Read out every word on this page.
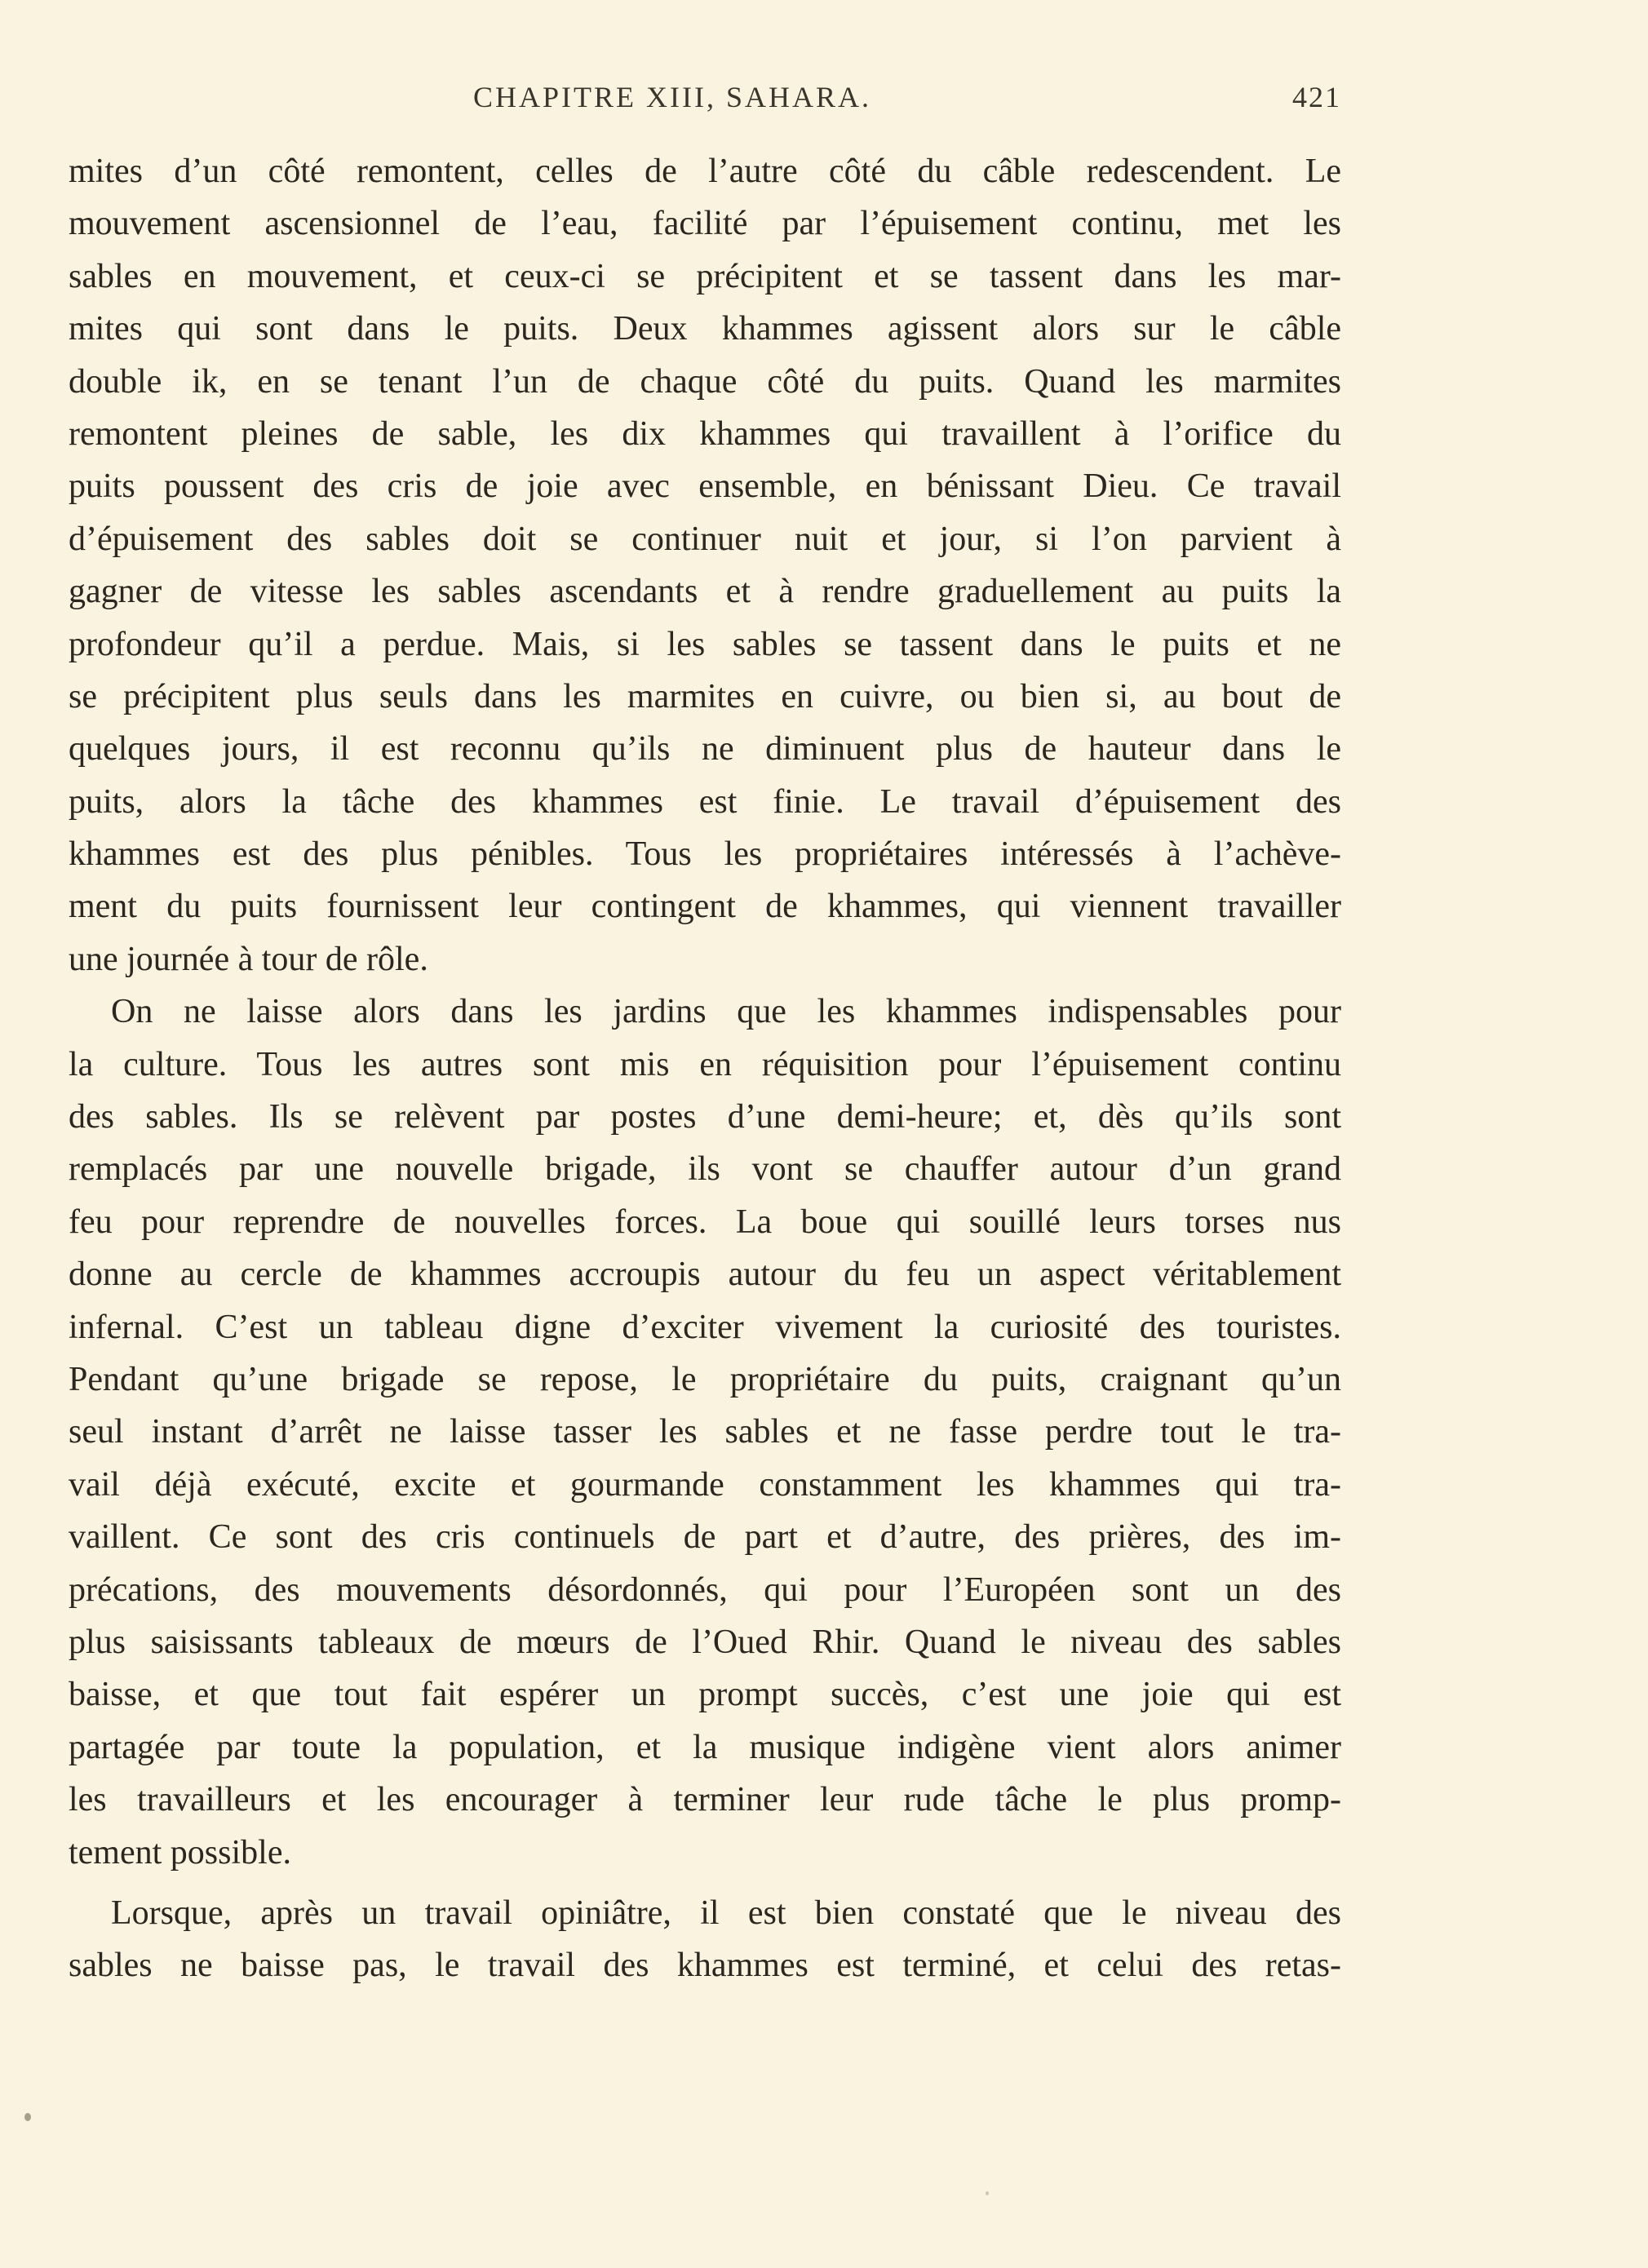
CHAPITRE XIII, SAHARA.	421
mites d’un côté remontent, celles de l’autre côté du câble redescendent. Le
mouvement ascensionnel de l’eau, facilité par l’épuisement continu, met les
sables en mouvement, et ceux-ci se précipitent et se tassent dans les mar-
mites qui sont dans le puits. Deux khammes agissent alors sur le câble
double ik, en se tenant l’un de chaque côté du puits. Quand les marmites
remontent pleines de sable, les dix khammes qui travaillent à l’orifice du
puits poussent des cris de joie avec ensemble, en bénissant Dieu. Ce travail
d’épuisement des sables doit se continuer nuit et jour, si l’on parvient à
gagner de vitesse les sables ascendants et à rendre graduellement au puits la
profondeur qu’il a perdue. Mais, si les sables se tassent dans le puits et ne
se précipitent plus seuls dans les marmites en cuivre, ou bien si, au bout de
quelques jours, il est reconnu qu’ils ne diminuent plus de hauteur dans le
puits, alors la tâche des khammes est finie. Le travail d’épuisement des
khammes est des plus pénibles. Tous les propriétaires intéressés à l’achève-
ment du puits fournissent leur contingent de khammes, qui viennent travailler
une journée à tour de rôle.
On ne laisse alors dans les jardins que les khammes indispensables pour
la culture. Tous les autres sont mis en réquisition pour l’épuisement continu
des sables. Ils se relèvent par postes d’une demi-heure; et, dès qu’ils sont
remplacés par une nouvelle brigade, ils vont se chauffer autour d’un grand
feu pour reprendre de nouvelles forces. La boue qui souillé leurs torses nus
donne au cercle de khammes accroupis autour du feu un aspect véritablement
infernal. C’est un tableau digne d’exciter vivement la curiosité des touristes.
Pendant qu’une brigade se repose, le propriétaire du puits, craignant qu’un
seul instant d’arrêt ne laisse tasser les sables et ne fasse perdre tout le tra-
vail déjà exécuté, excite et gourmande constamment les khammes qui tra-
vaillent. Ce sont des cris continuels de part et d’autre, des prières, des im-
précations, des mouvements désordonnés, qui pour l’Européen sont un des
plus saisissants tableaux de mœurs de l’Oued Rhir. Quand le niveau des sables
baisse, et que tout fait espérer un prompt succès, c’est une joie qui est
partagée par toute la population, et la musique indigène vient alors animer
les travailleurs et les encourager à terminer leur rude tâche le plus promp-
tement possible.
Lorsque, après un travail opiniâtre, il est bien constaté que le niveau des
sables ne baisse pas, le travail des khammes est terminé, et celui des retas-
